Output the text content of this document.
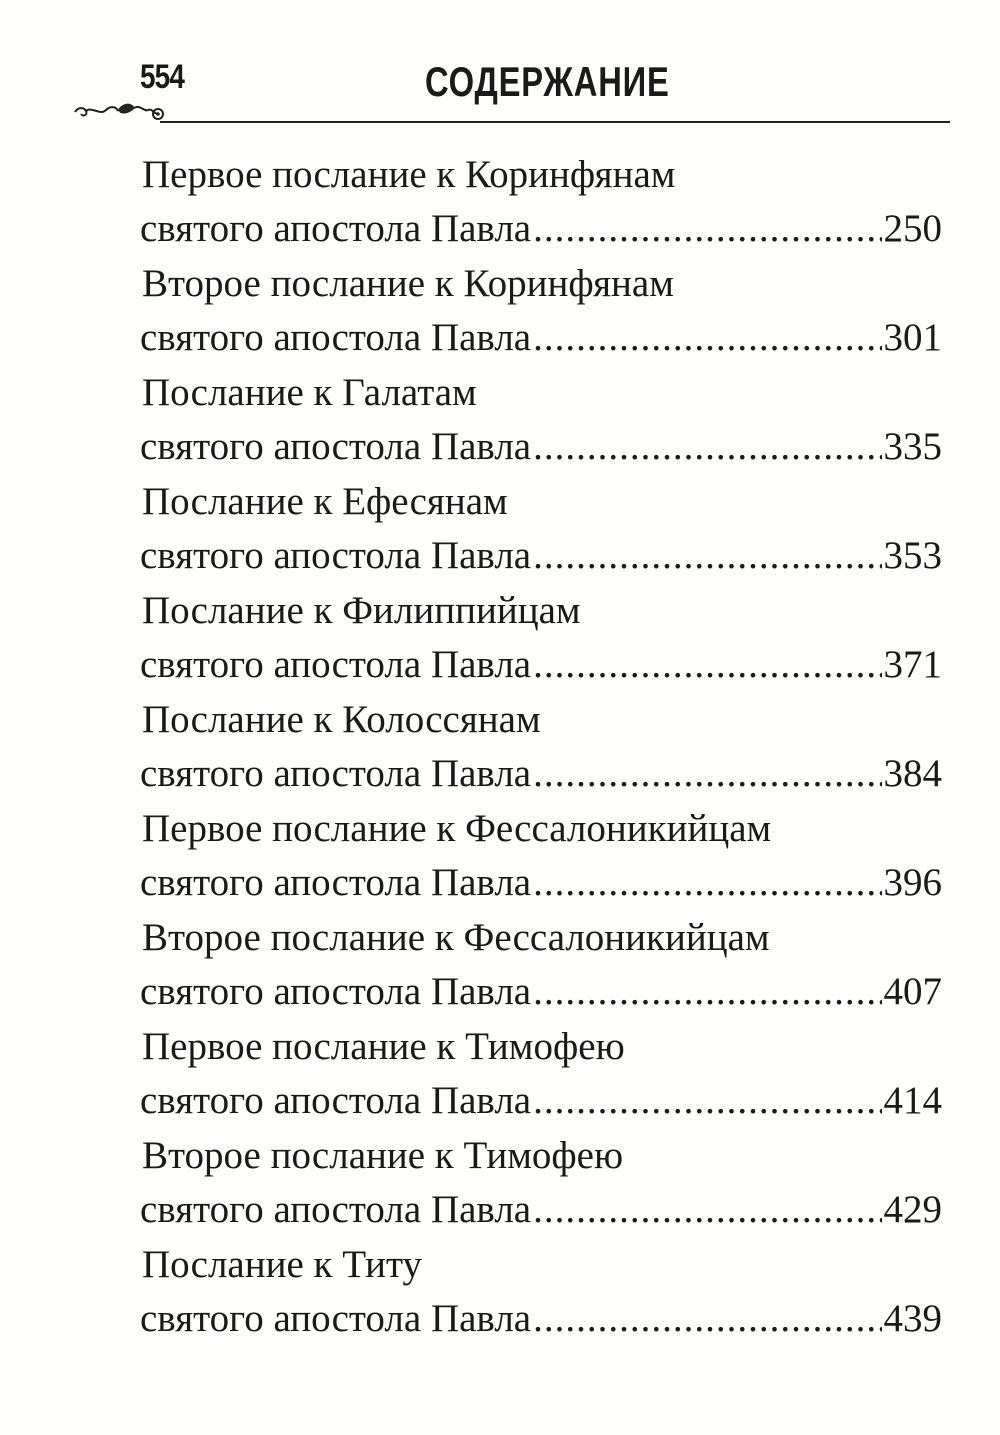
554	СОДЕРЖАНИЕ
Первое послание к Коринфянам
святого апостола Павла .....	250
Второе послание к Коринфянам
святого апостола Павла .....	301
Послание к Галатам
святого апостола Павла .....	335
Послание к Ефесянам
святого апостола Павла .....	353
Послание к Филиппийцам
святого апостола Павла .....	371
Послание к Колоссянам
святого апостола Павла .....	384
Первое послание к Фессалоникийцам
святого апостола Павла .....	396
Второе послание к Фессалоникийцам
святого апостола Павла .....	407
Первое послание к Тимофею
святого апостола Павла .....	414
Второе послание к Тимофею
святого апостола Павла .....	429
Послание к Титу
святого апостола Павла .....	439
